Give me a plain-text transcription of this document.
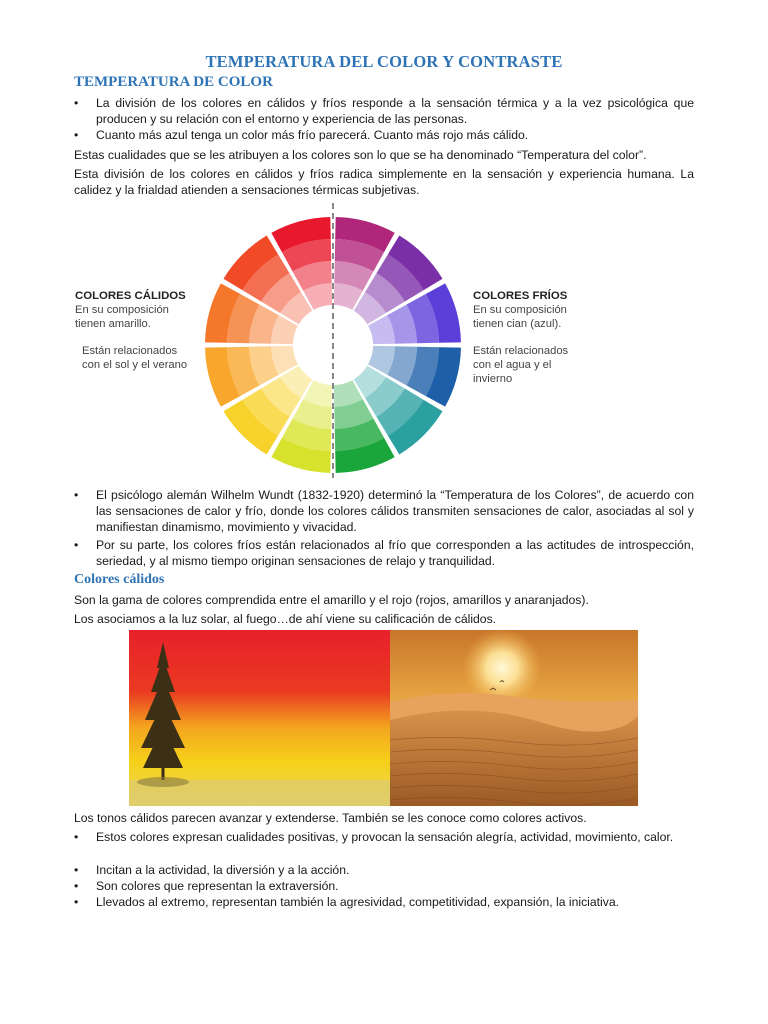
TEMPERATURA DEL COLOR Y CONTRASTE
TEMPERATURA DE COLOR
• La división de los colores en cálidos y fríos responde a la sensación térmica y a la vez psicológica que producen y su relación con el entorno y experiencia de las personas.
• Cuanto más azul tenga un color más frío parecerá. Cuanto más rojo más cálido.
Estas cualidades que se les atribuyen a los colores son lo que se ha denominado “Temperatura del color”.
Esta división de los colores en cálidos y fríos radica simplemente en la sensación y experiencia humana. La calidez y la frialdad atienden a sensaciones térmicas subjetivas.
COLORES CÁLIDOS
En su composición
tienen amarillo.
Están relacionados
con el sol y el verano
COLORES FRÍOS
En su composición
tienen cian (azul).
Están relacionados
con el agua y el
invierno
• El psicólogo alemán Wilhelm Wundt (1832-1920) determinó la “Temperatura de los Colores”, de acuerdo con las sensaciones de calor y frío, donde los colores cálidos transmiten sensaciones de calor, asociadas al sol y manifiestan dinamismo, movimiento y vivacidad.
• Por su parte, los colores fríos están relacionados al frío que corresponden a las actitudes de introspección, seriedad, y al mismo tiempo originan sensaciones de relajo y tranquilidad.
Colores cálidos
Son la gama de colores comprendida entre el amarillo y el rojo (rojos, amarillos y anaranjados).
Los asociamos a la luz solar, al fuego…de ahí viene su calificación de cálidos.
Los tonos cálidos parecen avanzar y extenderse. También se les conoce como colores activos.
• Estos colores expresan cualidades positivas, y provocan la sensación alegría, actividad, movimiento, calor.
• Incitan a la actividad, la diversión y a la acción.
• Son colores que representan la extraversión.
• Llevados al extremo, representan también la agresividad, competitividad, expansión, la iniciativa.
